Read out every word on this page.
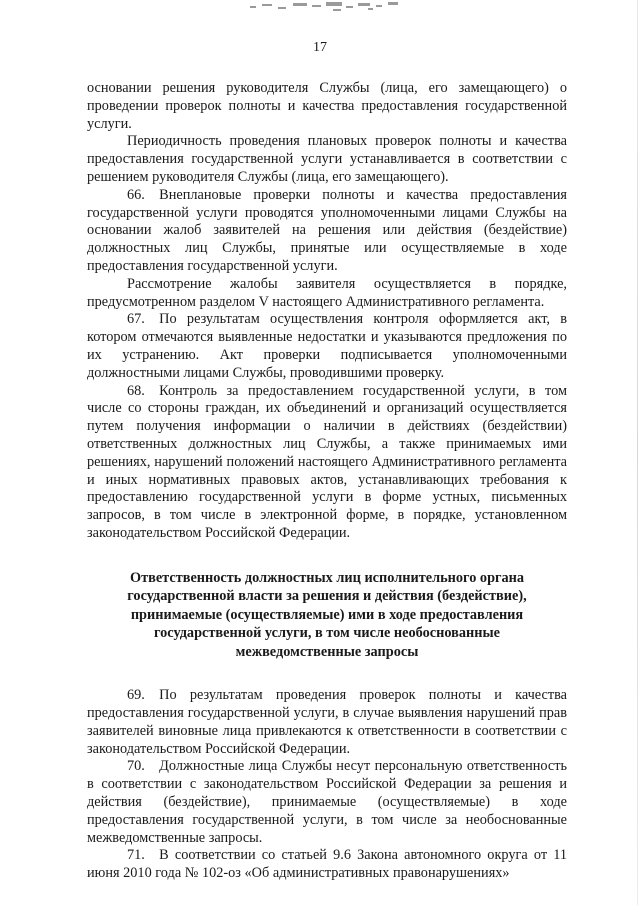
17

основании решения руководителя Службы (лица, его замещающего) о проведении проверок полноты и качества предоставления государственной услуги.

Периодичность проведения плановых проверок полноты и качества предоставления государственной услуги устанавливается в соответствии с решением руководителя Службы (лица, его замещающего).

66. Внеплановые проверки полноты и качества предоставления государственной услуги проводятся уполномоченными лицами Службы на основании жалоб заявителей на решения или действия (бездействие) должностных лиц Службы, принятые или осуществляемые в ходе предоставления государственной услуги.

Рассмотрение жалобы заявителя осуществляется в порядке, предусмотренном разделом V настоящего Административного регламента.

67. По результатам осуществления контроля оформляется акт, в котором отмечаются выявленные недостатки и указываются предложения по их устранению. Акт проверки подписывается уполномоченными должностными лицами Службы, проводившими проверку.

68. Контроль за предоставлением государственной услуги, в том числе со стороны граждан, их объединений и организаций осуществляется путем получения информации о наличии в действиях (бездействии) ответственных должностных лиц Службы, а также принимаемых ими решениях, нарушений положений настоящего Административного регламента и иных нормативных правовых актов, устанавливающих требования к предоставлению государственной услуги в форме устных, письменных запросов, в том числе в электронной форме, в порядке, установленном законодательством Российской Федерации.

Ответственность должностных лиц исполнительного органа
государственной власти за решения и действия (бездействие),
принимаемые (осуществляемые) ими в ходе предоставления
государственной услуги, в том числе необоснованные
межведомственные запросы

69. По результатам проведения проверок полноты и качества предоставления государственной услуги, в случае выявления нарушений прав заявителей виновные лица привлекаются к ответственности в соответствии с законодательством Российской Федерации.

70. Должностные лица Службы несут персональную ответственность в соответствии с законодательством Российской Федерации за решения и действия (бездействие), принимаемые (осуществляемые) в ходе предоставления государственной услуги, в том числе за необоснованные межведомственные запросы.

71. В соответствии со статьей 9.6 Закона автономного округа от 11 июня 2010 года № 102-оз «Об административных правонарушениях»
